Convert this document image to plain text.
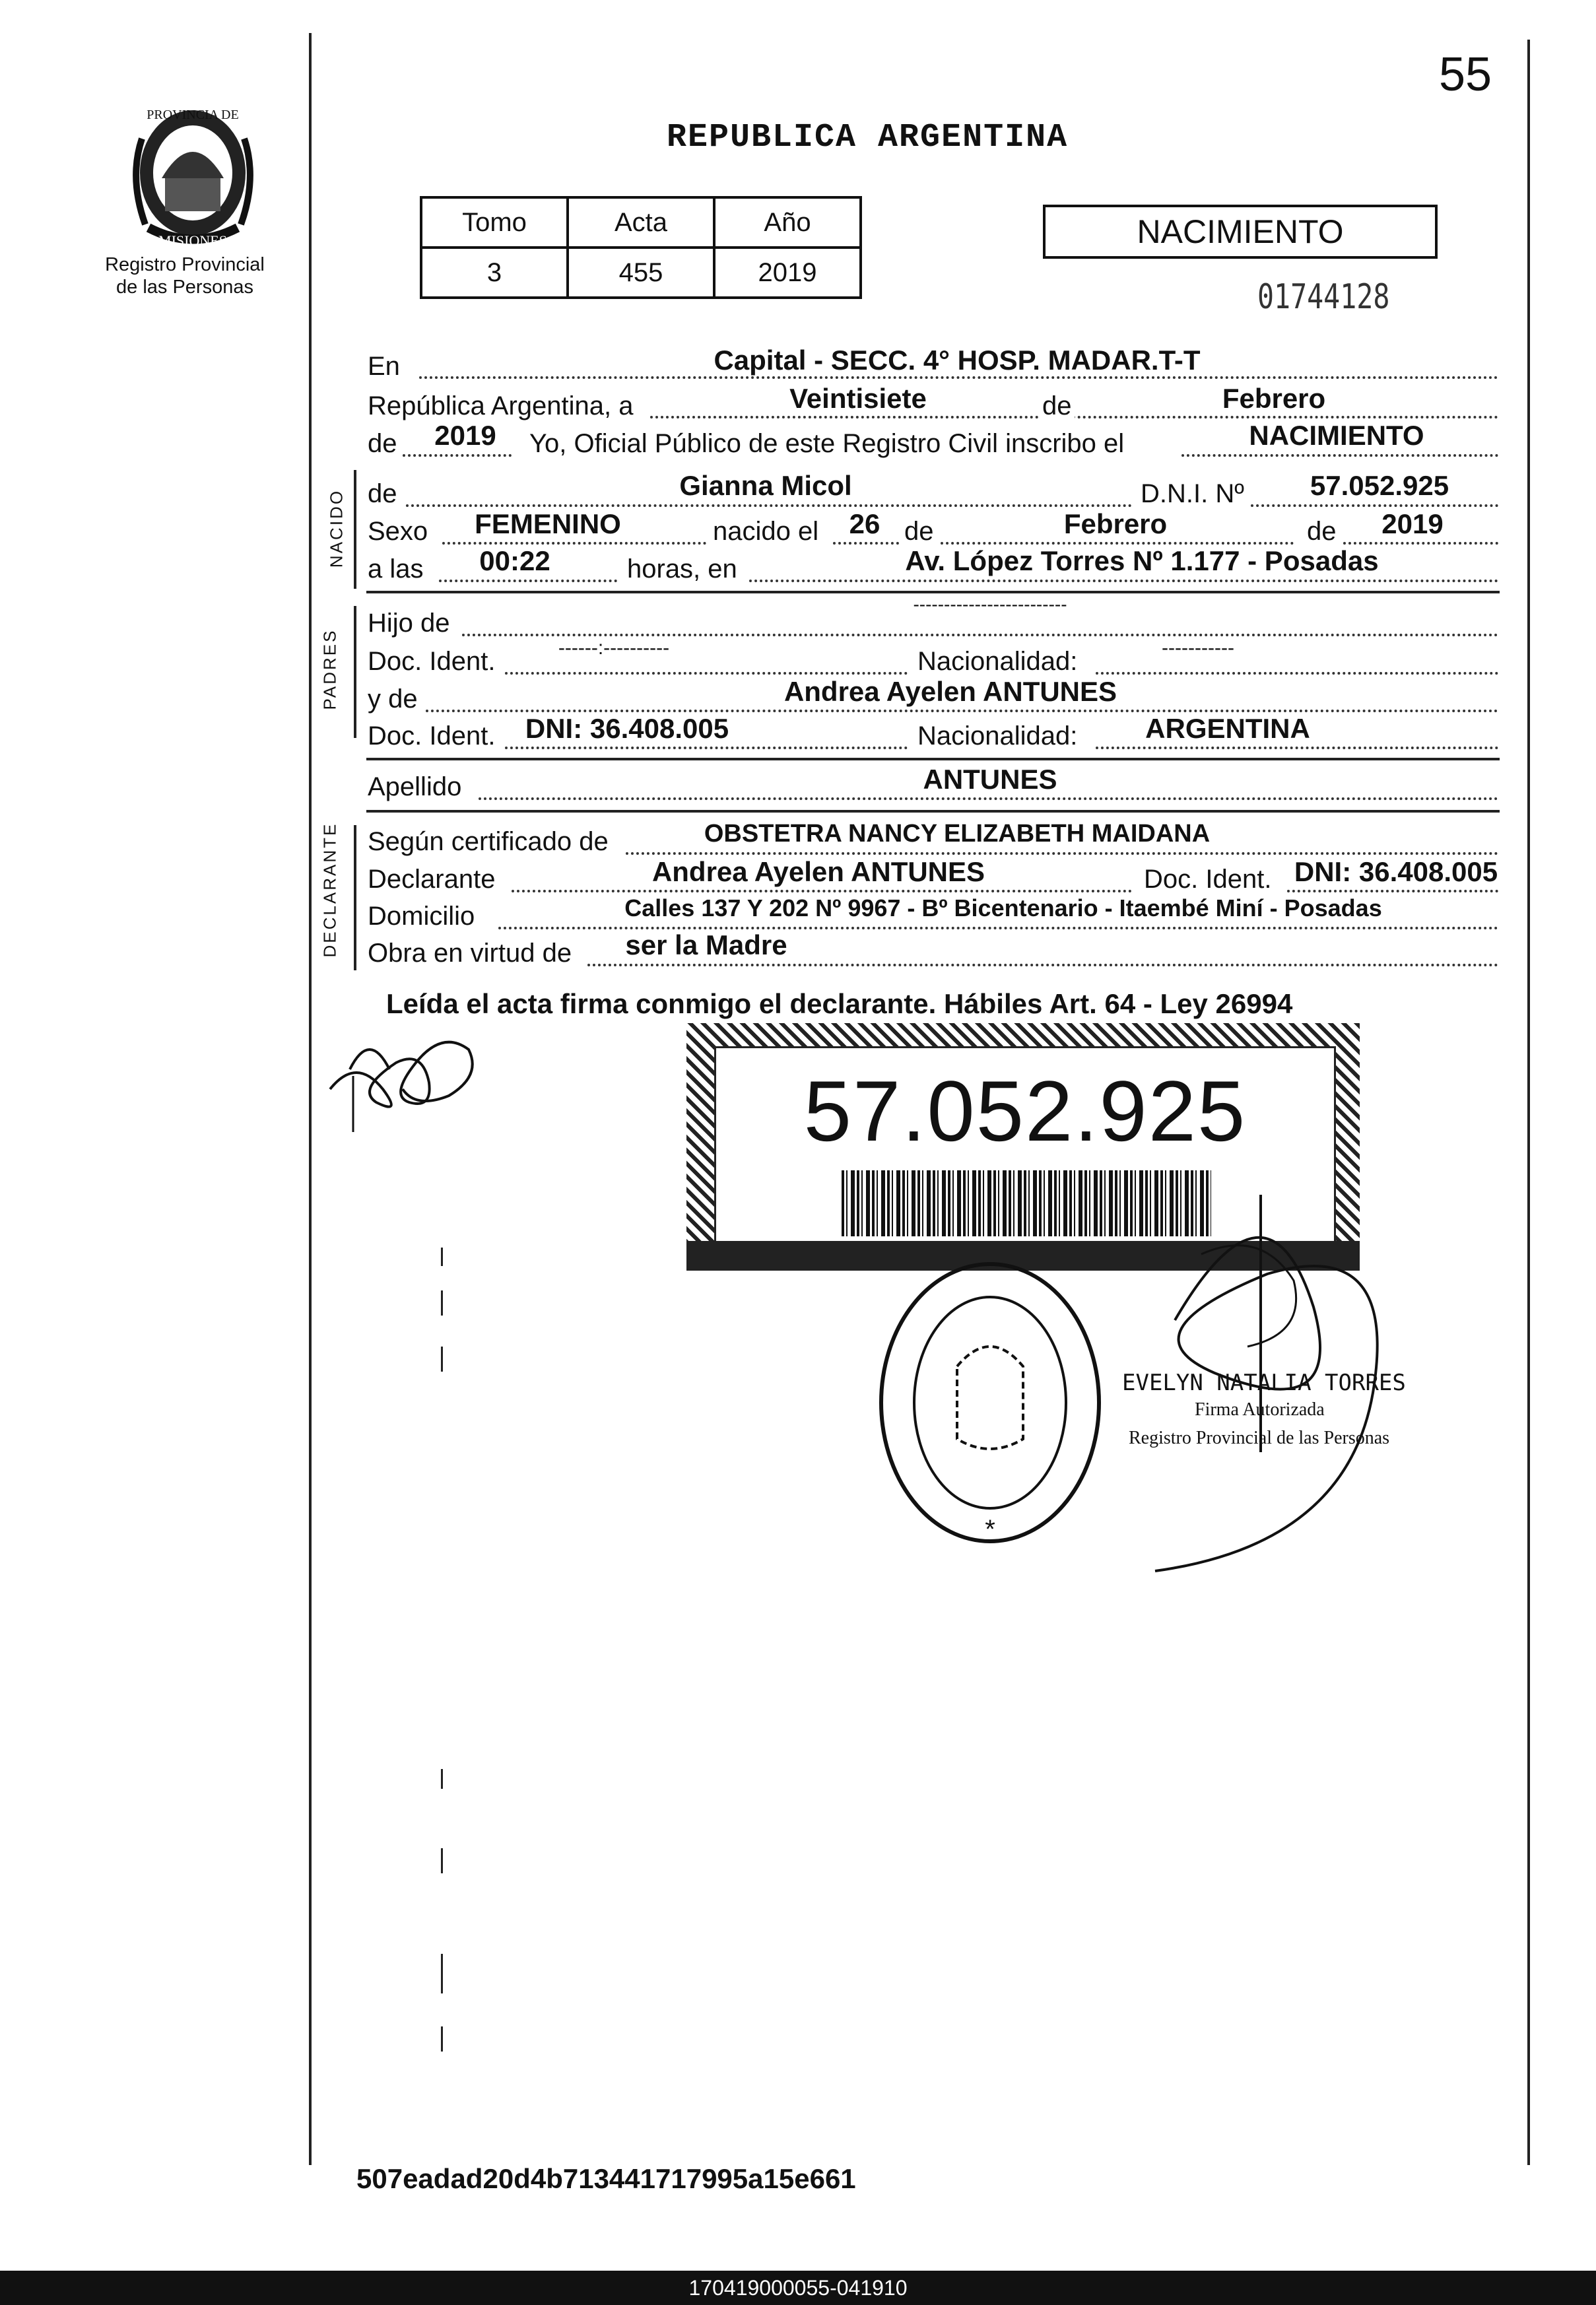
55
PROVINCIA DE
MISIONES
Registro Provincial
de las Personas
REPUBLICA ARGENTINA
Tomo	Acta	Año
3	455	2019
NACIMIENTO
01744128
En	Capital - SECC. 4° HOSP. MADAR.T-T
República Argentina, a	Veintisiete	de	Febrero
de	2019	Yo, Oficial Público de este Registro Civil inscribo el	NACIMIENTO
NACIDO de	Gianna Micol	D.N.I. Nº	57.052.925
Sexo	FEMENINO	nacido el	26 de	Febrero	de	2019
a las	00:22	horas, en	Av. López Torres Nº 1.177 - Posadas
PADRES
Hijo de
-------------------------
Doc. Ident.	------:----------	Nacionalidad:	-----------
y de	Andrea Ayelen ANTUNES
Doc. Ident.	DNI: 36.408.005	Nacionalidad:	ARGENTINA
Apellido	ANTUNES
DECLARANTE Según certificado de	OBSTETRA NANCY ELIZABETH MAIDANA
Declarante	Andrea Ayelen ANTUNES	Doc. Ident. DNI: 36.408.005
Domicilio	Calles 137 Y 202 Nº 9967 - Bº Bicentenario - Itaembé Miní - Posadas
Obra en virtud de ser la Madre
Leída el acta firma conmigo el declarante. Hábiles Art. 64 - Ley 26994
57.052.925
*
EVELYN NATALIA TORRES
Firma Autorizada
Registro Provincial de las Personas
507eadad20d4b713441717995a15e661
170419000055-041910
